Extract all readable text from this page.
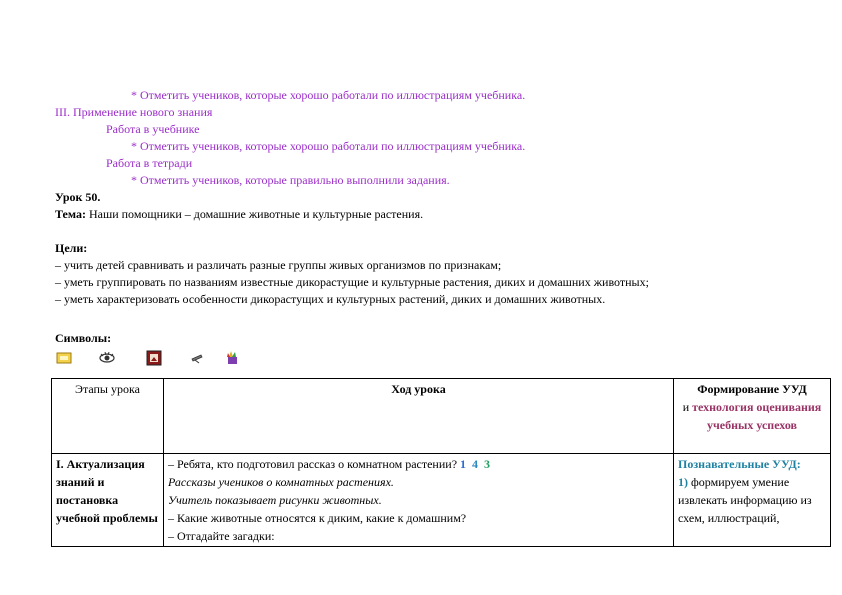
* Отметить учеников, которые хорошо работали по иллюстрациям учебника.
III. Применение нового знания
Работа в учебнике
* Отметить учеников, которые хорошо работали по иллюстрациям учебника.
Работа в тетради
* Отметить учеников, которые правильно выполнили задания.
Урок 50.
Тема: Наши помощники – домашние животные и культурные растения.
Цели:
– учить детей сравнивать и различать разные группы живых организмов по признакам;
– уметь группировать по названиям известные дикорастущие и культурные растения, диких и домашних животных;
– уметь характеризовать особенности дикорастущих и культурных растений, диких и домашних животных.
Символы:
Этапы урока	Ход урока	Формирование УУД
и технология оценивания учебных успехов
I. Актуализация знаний и постановка учебной проблемы	– Ребята, кто подготовил рассказ о комнатном растении? 1 4 3
Рассказы учеников о комнатных растениях.
Учитель показывает рисунки животных.
– Какие животные относятся к диким, какие к домашним?
– Отгадайте загадки:	Познавательные УУД:
1) формируем умение извлекать информацию из схем, иллюстраций,
